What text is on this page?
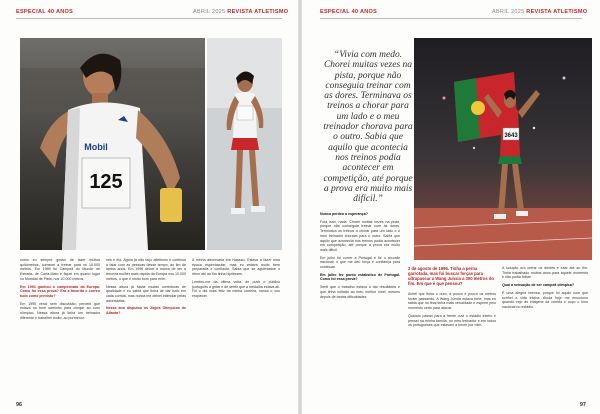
ESPECIAL 40 ANOS	ABRIL 2025 REVISTA ATLETISMO
125
Mobil

como eu sempre gostei de fazer muitos quilómetros, comecei a treinar para os 10.000 metros. Em 1989 fui Campeã do Mundo de Estrada, de Corta-Mato e fiquei em quarto lugar no Mundial de Pista, nos 10.000 metros.

Em 1994 ganhou o campeonato da Europa. Como foi essa prova? Era a favorita e correu tudo como previsto?

Em 1995 venci sem discussão, percebi que estava no bom caminho para chegar ao ouro olímpico. Nessa altura já tinha um treinador diferente e trabalhei muito, ao pormenor.

nês e ela. Agora já não faço atletismo e continuo a falar com as pessoas desse tempo, ao fim de tantos anos. Em 1996 deixei a marca de ser a terceira mulher mais rápida da Europa nos 10.000 metros, o que é muito bom para mim.

Nessa altura já havia muitas corredoras de qualidade e eu sabia que tinha de dar tudo em cada corrida, mas nunca me deixei intimidar pelas adversárias.

Nesse ano disputou os Jogos Olímpicos de Atlanta?

A minha adversária era Nassau. Estava a fazer uma época espectacular, mas eu estava muito bem preparada e confiante. Sabia que se aguentasse o ritmo até ao fim tinha hipóteses.

Lembro-me da última volta, de ouvir o público português a gritar e de sentir que a medalha estava ali. Foi o dia mais feliz da minha carreira, nunca o vou esquecer.

96
ESPECIAL 40 ANOS	ABRIL 2025 REVISTA ATLETISMO
“Vivia com medo. Chorei muitas vezes na pista, porque não conseguia treinar com as dores. Terminava os treinos a chorar para um lado e o meu treinador chorava para o outro. Sabia que aquilo que acontecia nos treinos podia acontecer em competição, até porque a prova era muito mais difícil.”
3643

Nunca perdeu a esperança?

Fora isso, nada. Chorei muitas vezes na pista, porque não conseguia treinar com as dores. Terminava os treinos a chorar para um lado e o meu treinador chorava para o outro. Sabia que aquilo que acontecia nos treinos podia acontecer em competição, até porque a prova era muito mais difícil.

Em julho foi correr a Portugal e fiz o recorde nacional, o que me deu força e confiança para continuar.

Em julho fez ponto estatístico de Portugal. Como foi essa prova?

Senti que o trabalho estava a dar resultados e que tinha voltado ao meu melhor nível, mesmo depois de tantas dificuldades.

2 de agosto de 1996. Tinha a perna garrotada, mas foi buscar forças para ultrapassar a Wang Junxia a 300 metros do fim. Em que é que pensou?

Achei que tinha o ouro, a pouco e pouco os metros foram passando. A Wang Junxia estava forte, mas eu sabia que no final tinha mais velocidade e esperei pelo momento certo para atacar.

Quando passei para a frente ouvi o estádio inteiro e pensei na minha família, no meu treinador e em todos os portugueses que estavam a torcer por mim.

A solução era cerrar os dentes e lutar até ao fim. Tinha trabalhado muitos anos para aquele momento e não podia falhar.

Qual a sensação de ser campeã olímpica?

É uma alegria imensa, porque foi aquilo com que sonhei a vida inteira. Ainda hoje me emociono quando vejo as imagens da corrida e ouço o hino nacional no estádio.

97
